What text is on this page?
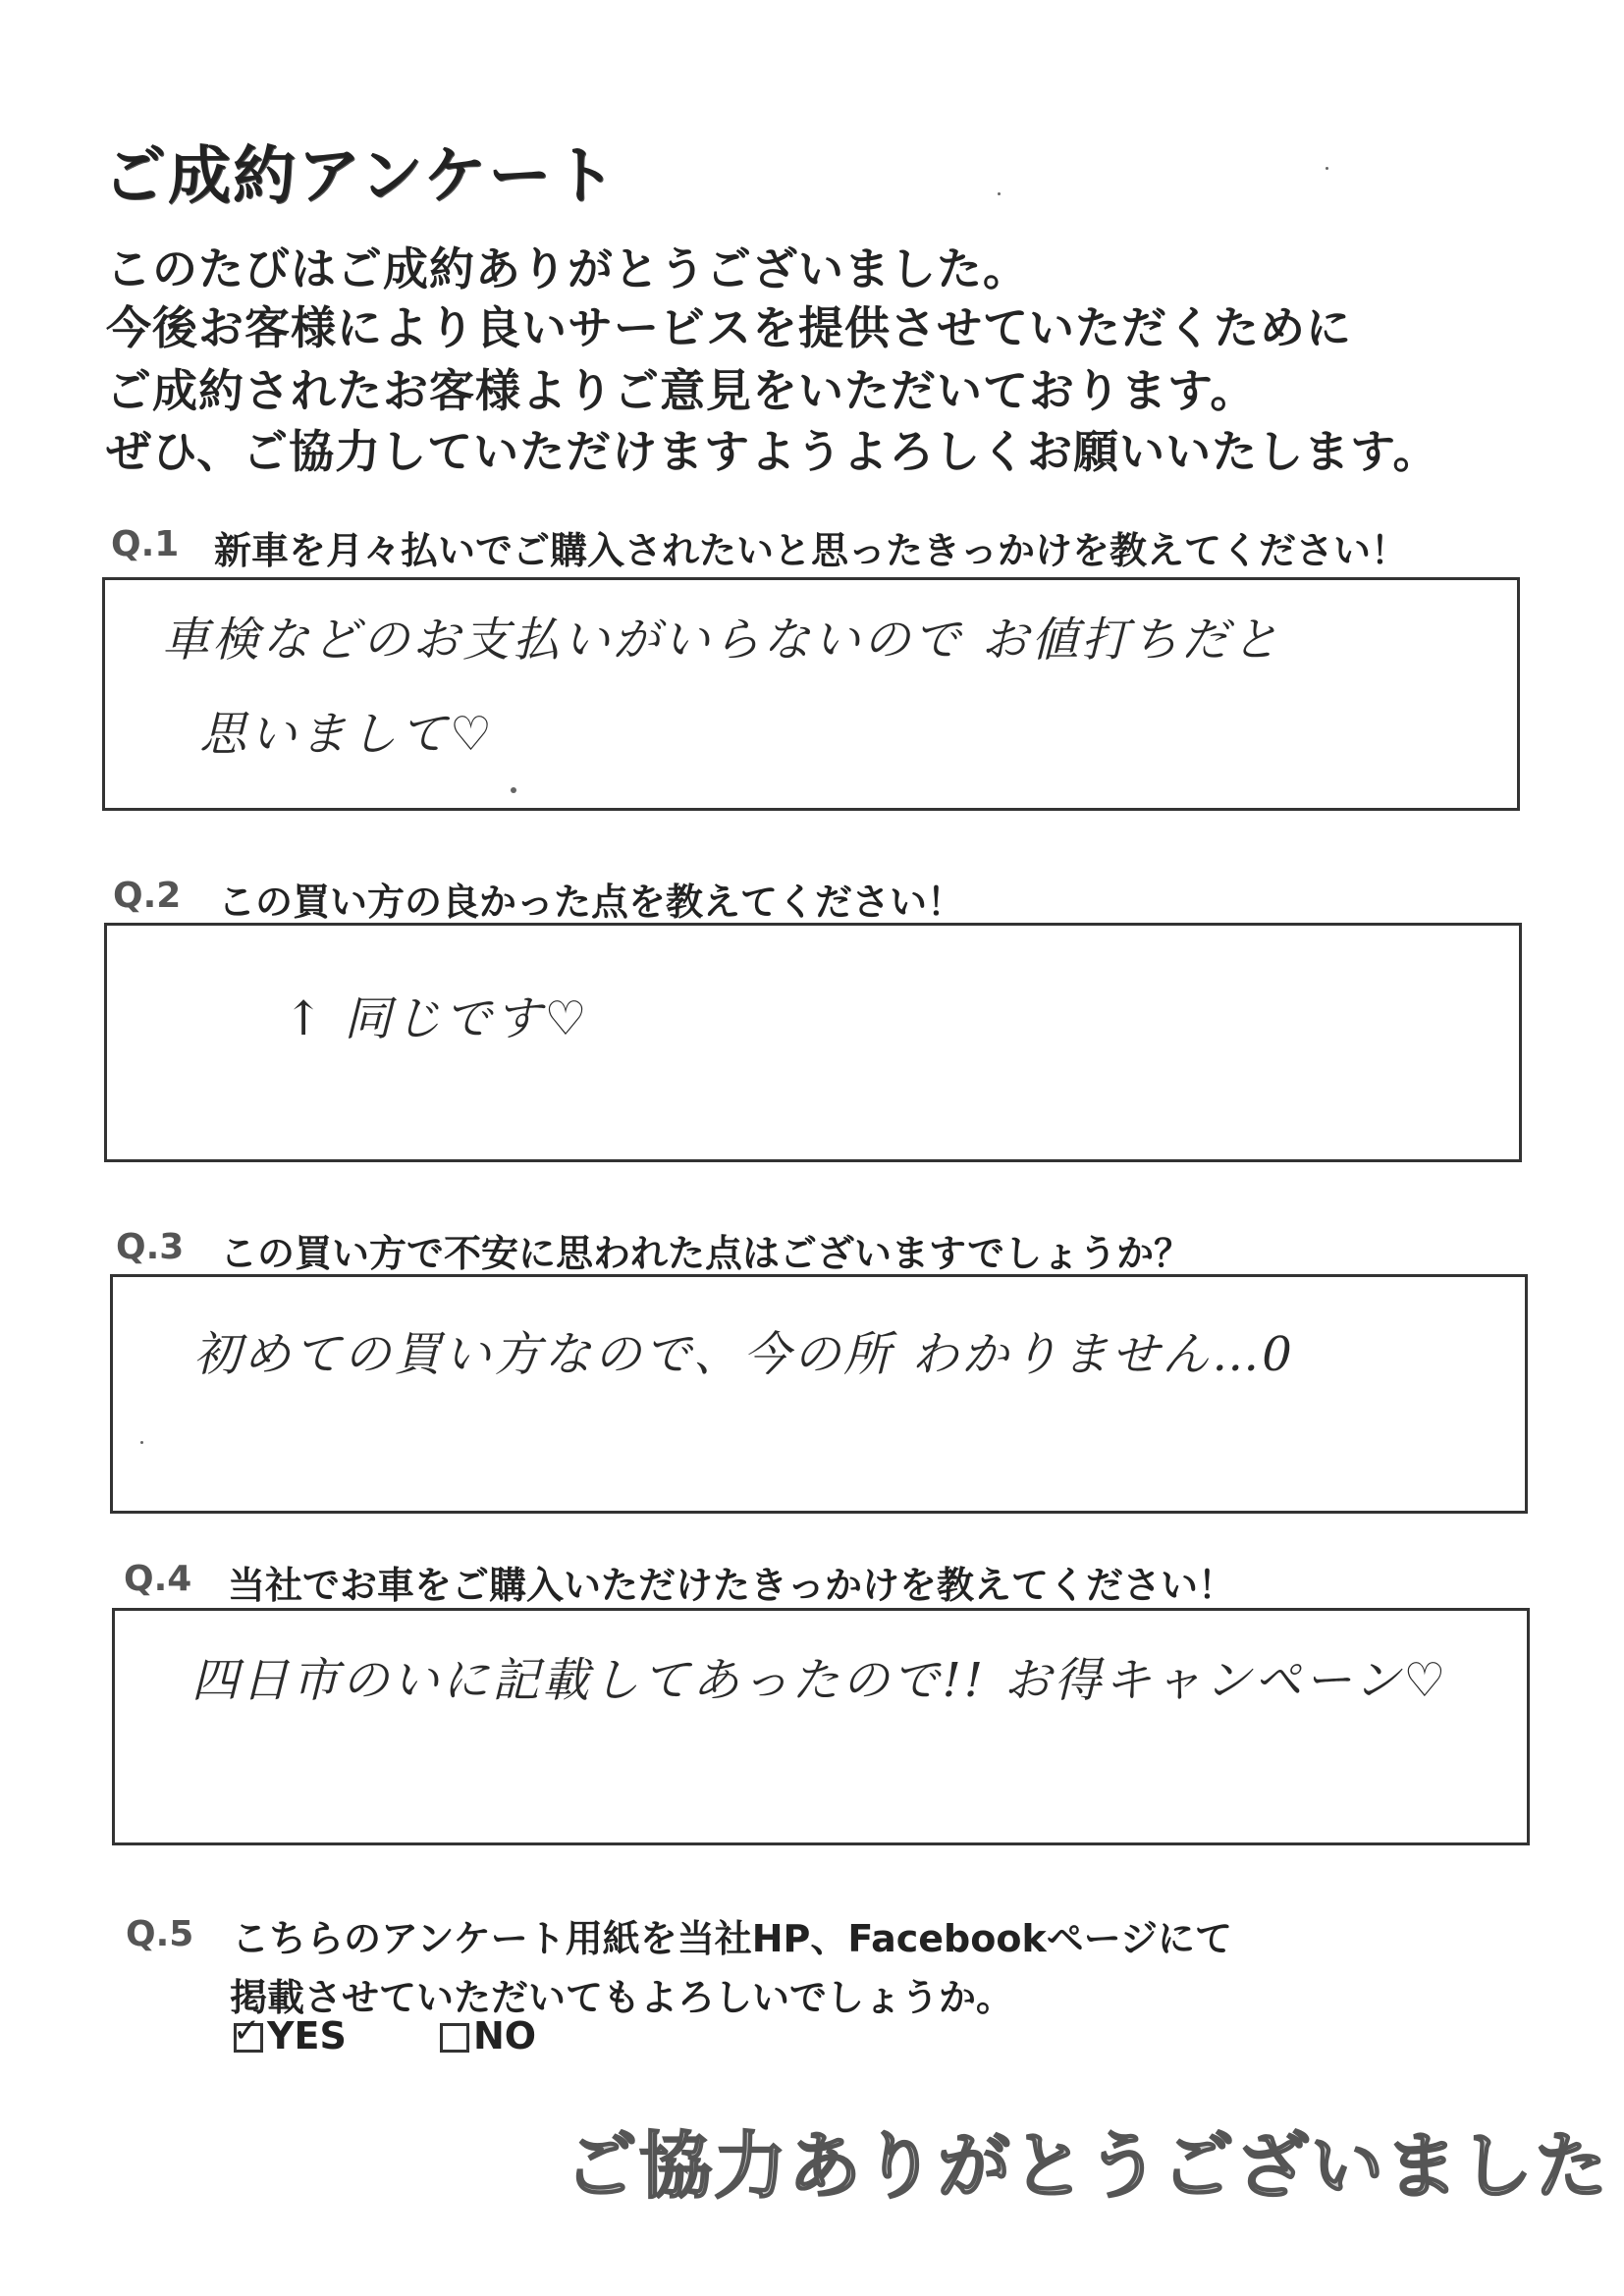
ご成約アンケート
このたびはご成約ありがとうございました。
今後お客様により良いサービスを提供させていただくために
ご成約されたお客様よりご意見をいただいております。
ぜひ、ご協力していただけますようよろしくお願いいたします。
Q.1 新車を月々払いでご購入されたいと思ったきっかけを教えてください！
車検などのお支払いがいらないので お値打ちだと
思いまして♡
Q.2 この買い方の良かった点を教えてください！
↑ 同じです♡
Q.3 この買い方で不安に思われた点はございますでしょうか？
初めての買い方なので、今の所 わかりません…0
Q.4 当社でお車をご購入いただけたきっかけを教えてください！
四日市のいに記載してあったので!! お得キャンペーン♡
Q.5 こちらのアンケート用紙を当社HP、Facebookページにて
掲載させていただいてもよろしいでしょうか。
✓ YES	NO
ご協力ありがとうございました
